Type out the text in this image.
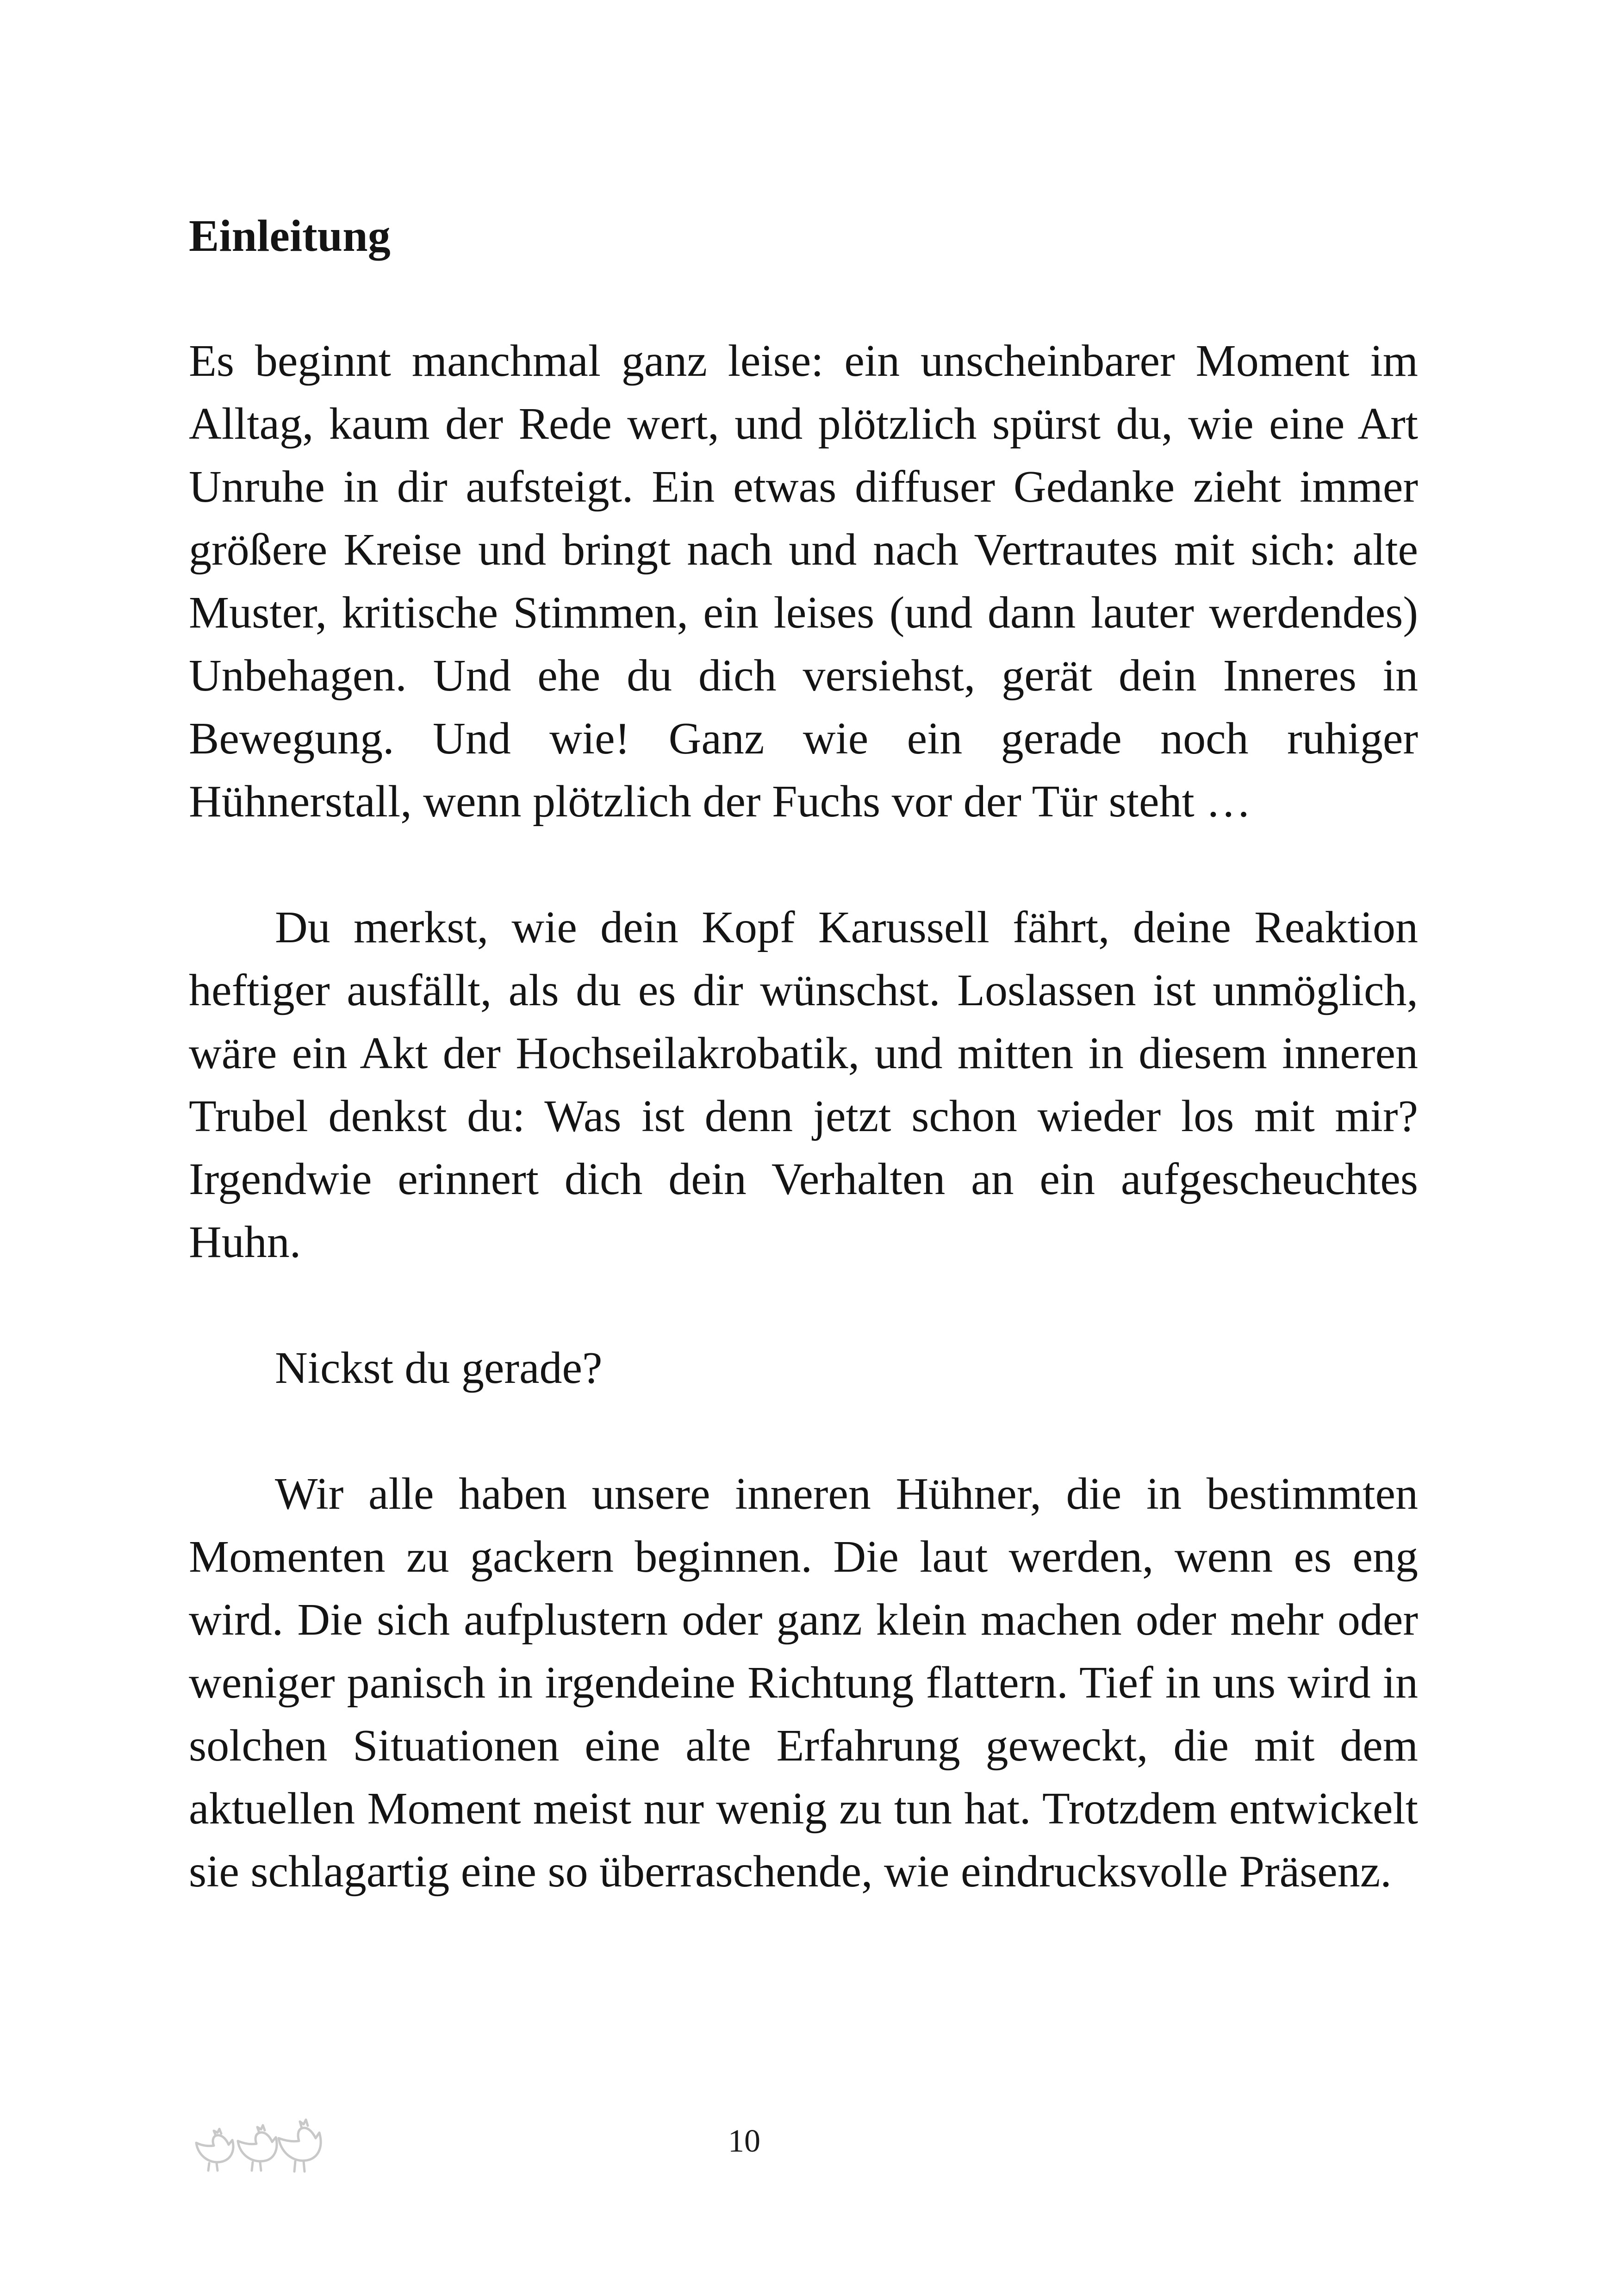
Einleitung

Es beginnt manchmal ganz leise: ein unscheinbarer Moment im Alltag, kaum der Rede wert, und plötzlich spürst du, wie eine Art Unruhe in dir aufsteigt. Ein etwas diffuser Gedanke zieht immer größere Kreise und bringt nach und nach Vertrautes mit sich: alte Muster, kritische Stimmen, ein leises (und dann lauter werdendes) Unbehagen. Und ehe du dich versiehst, gerät dein Inneres in Bewegung. Und wie! Ganz wie ein gerade noch ruhiger Hühnerstall, wenn plötzlich der Fuchs vor der Tür steht …

Du merkst, wie dein Kopf Karussell fährt, deine Reaktion heftiger ausfällt, als du es dir wünschst. Loslassen ist unmöglich, wäre ein Akt der Hochseilakrobatik, und mitten in diesem inneren Trubel denkst du: Was ist denn jetzt schon wieder los mit mir? Irgendwie erinnert dich dein Verhalten an ein aufgescheuchtes Huhn.

Nickst du gerade?

Wir alle haben unsere inneren Hühner, die in bestimmten Momenten zu gackern beginnen. Die laut werden, wenn es eng wird. Die sich aufplustern oder ganz klein machen oder mehr oder weniger panisch in irgendeine Richtung flattern. Tief in uns wird in solchen Situationen eine alte Erfahrung geweckt, die mit dem aktuellen Moment meist nur wenig zu tun hat. Trotzdem entwickelt sie schlagartig eine so überraschende, wie eindrucksvolle Präsenz.

10
